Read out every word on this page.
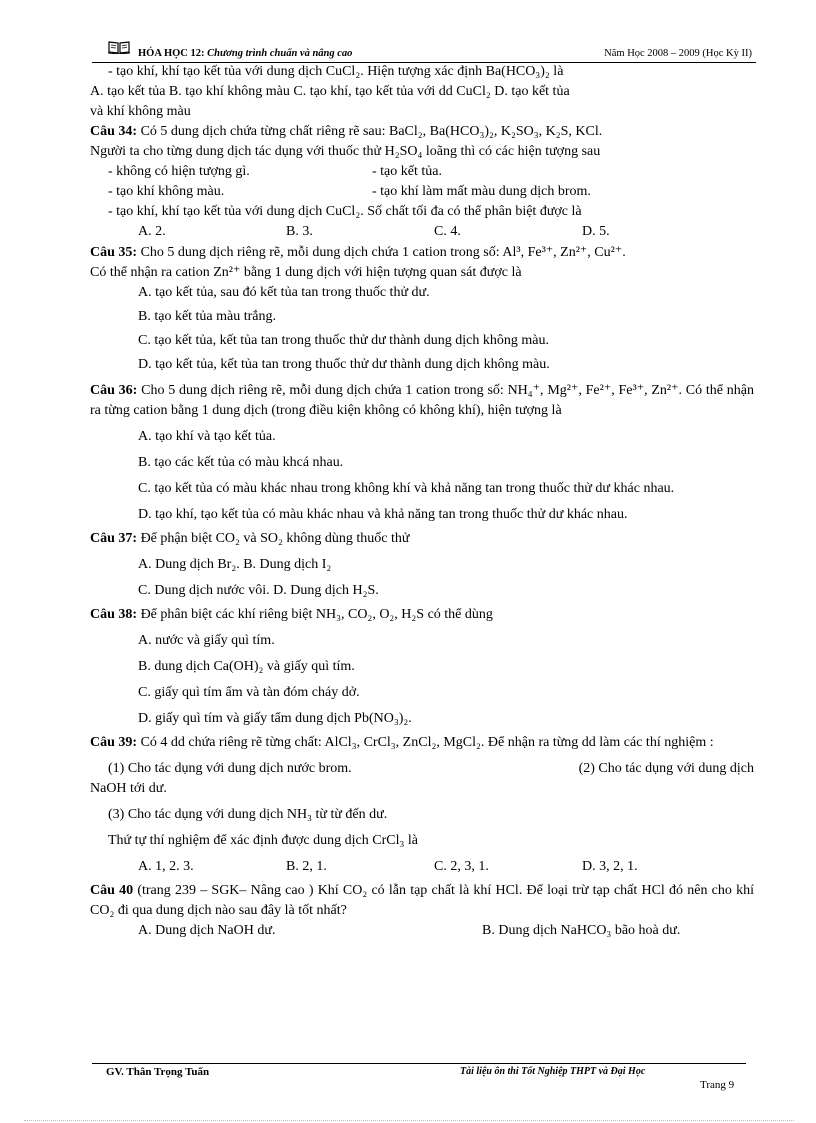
HÓA HỌC 12: Chương trình chuẩn và nâng cao	Năm Học 2008 – 2009 (Học Kỳ II)

- tạo khí, khí tạo kết tủa với dung dịch CuCl₂. Hiện tượng xác định Ba(HCO₃)₂ là

A. tạo kết tủa B. tạo khí không màu C. tạo khí, tạo kết tủa với dd CuCl₂ D. tạo kết tủa

và khí không màu

Câu 34: Có 5 dung dịch chứa từng chất riêng rẽ sau: BaCl₂, Ba(HCO₃)₂, K₂SO₃, K₂S, KCl.

Người ta cho từng dung dịch tác dụng với thuốc thử H₂SO₄ loãng thì có các hiện tượng sau

- không có hiện tượng gì.	- tạo kết tủa.
- tạo khí không màu.	- tạo khí làm mất màu dung dịch brom.

- tạo khí, khí tạo kết tủa với dung dịch CuCl₂. Số chất tối đa có thể phân biệt được là

A. 2.	B. 3.	C. 4.	D. 5.

Câu 35: Cho 5 dung dịch riêng rẽ, mỗi dung dịch chứa 1 cation trong số: Al³, Fe³⁺, Zn²⁺, Cu²⁺.

Có thể nhận ra cation Zn²⁺ bằng 1 dung dịch với hiện tượng quan sát được là

A. tạo kết tủa, sau đó kết tủa tan trong thuốc thử dư.

B. tạo kết tủa màu trắng.

C. tạo kết tủa, kết tủa tan trong thuốc thử dư thành dung dịch không màu.

D. tạo kết tủa, kết tủa tan trong thuốc thử dư thành dung dịch không màu.

Câu 36: Cho 5 dung dịch riêng rẽ, mỗi dung dịch chứa 1 cation trong số: NH₄⁺, Mg²⁺, Fe²⁺, Fe³⁺, Zn²⁺. Có thể nhận ra từng cation bằng 1 dung dịch (trong điều kiện không có không khí), hiện tượng là

A. tạo khí và tạo kết tủa.

B. tạo các kết tủa có màu khcá nhau.

C. tạo kết tủa có màu khác nhau trong không khí và khả năng tan trong thuốc thử dư khác nhau.

D. tạo khí, tạo kết tủa có màu khác nhau và khả năng tan trong thuốc thử dư khác nhau.

Câu 37: Để phận biệt CO₂ và SO₂ không dùng thuốc thử

A. Dung dịch Br₂. B. Dung dịch I₂

C. Dung dịch nước vôi. D. Dung dịch H₂S.

Câu 38: Để phân biệt các khí riêng biệt NH₃, CO₂, O₂, H₂S có thể dùng

A. nước và giấy quì tím.

B. dung dịch Ca(OH)₂ và giấy quì tím.

C. giấy quì tím ẩm và tàn đóm cháy dở.

D. giấy quì tím và giấy tẩm dung dịch Pb(NO₃)₂.

Câu 39: Có 4 dd chứa riêng rẽ từng chất: AlCl₃, CrCl₃, ZnCl₂, MgCl₂. Để nhận ra từng dd làm các thí nghiệm :

(1) Cho tác dụng với dung dịch nước brom.	(2) Cho tác dụng với dung dịch

NaOH tới dư.

(3) Cho tác dụng với dung dịch NH₃ từ từ đến dư.

Thứ tự thí nghiệm để xác định được dung dịch CrCl₃ là

A. 1, 2. 3.	B. 2, 1.	C. 2, 3, 1.	D. 3, 2, 1.

Câu 40 (trang 239 – SGK– Nâng cao ) Khí CO₂ có lẫn tạp chất là khí HCl. Để loại trừ tạp chất HCl đó nên cho khí CO₂ đi qua dung dịch nào sau đây là tốt nhất?

A. Dung dịch NaOH dư.	B. Dung dịch NaHCO₃ bão hoà dư.
GV. Thân Trọng Tuấn	Tài liệu ôn thi Tốt Nghiệp THPT và Đại Học
Trang 9
